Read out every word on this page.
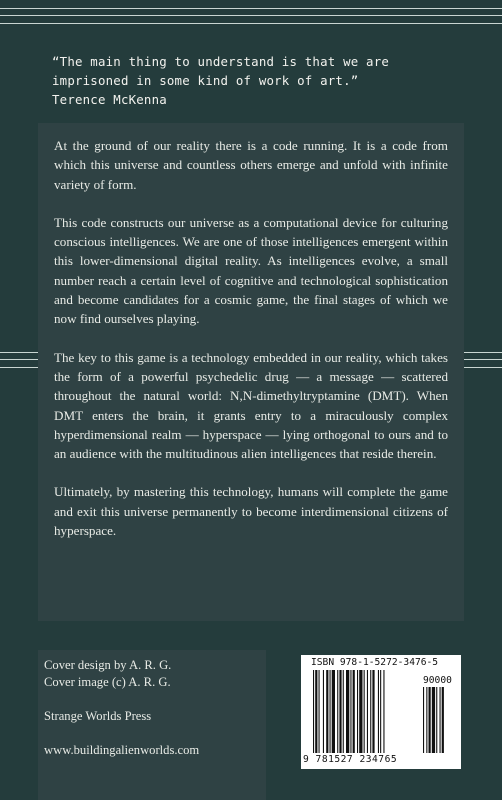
“The main thing to understand is that we are imprisoned in some kind of work of art.”
Terence McKenna

At the ground of our reality there is a code running. It is a code from which this universe and countless others emerge and unfold with infinite variety of form.

This code constructs our universe as a computational device for culturing conscious intelligences. We are one of those intelligences emergent within this lower-dimensional digital reality. As intelligences evolve, a small number reach a certain level of cognitive and technological sophistication and become candidates for a cosmic game, the final stages of which we now find ourselves playing.

The key to this game is a technology embedded in our reality, which takes the form of a powerful psychedelic drug — a message — scattered throughout the natural world: N,N-dimethyltryptamine (DMT). When DMT enters the brain, it grants entry to a miraculously complex hyperdimensional realm — hyperspace — lying orthogonal to ours and to an audience with the multitudinous alien intelligences that reside therein.

Ultimately, by mastering this technology, humans will complete the game and exit this universe permanently to become interdimensional citizens of hyperspace.

Cover design by A. R. G.
Cover image (c) A. R. G.
Strange Worlds Press
www.buildingalienworlds.com
ISBN 978-1-5272-3476-5
90000
9 781527 234765
